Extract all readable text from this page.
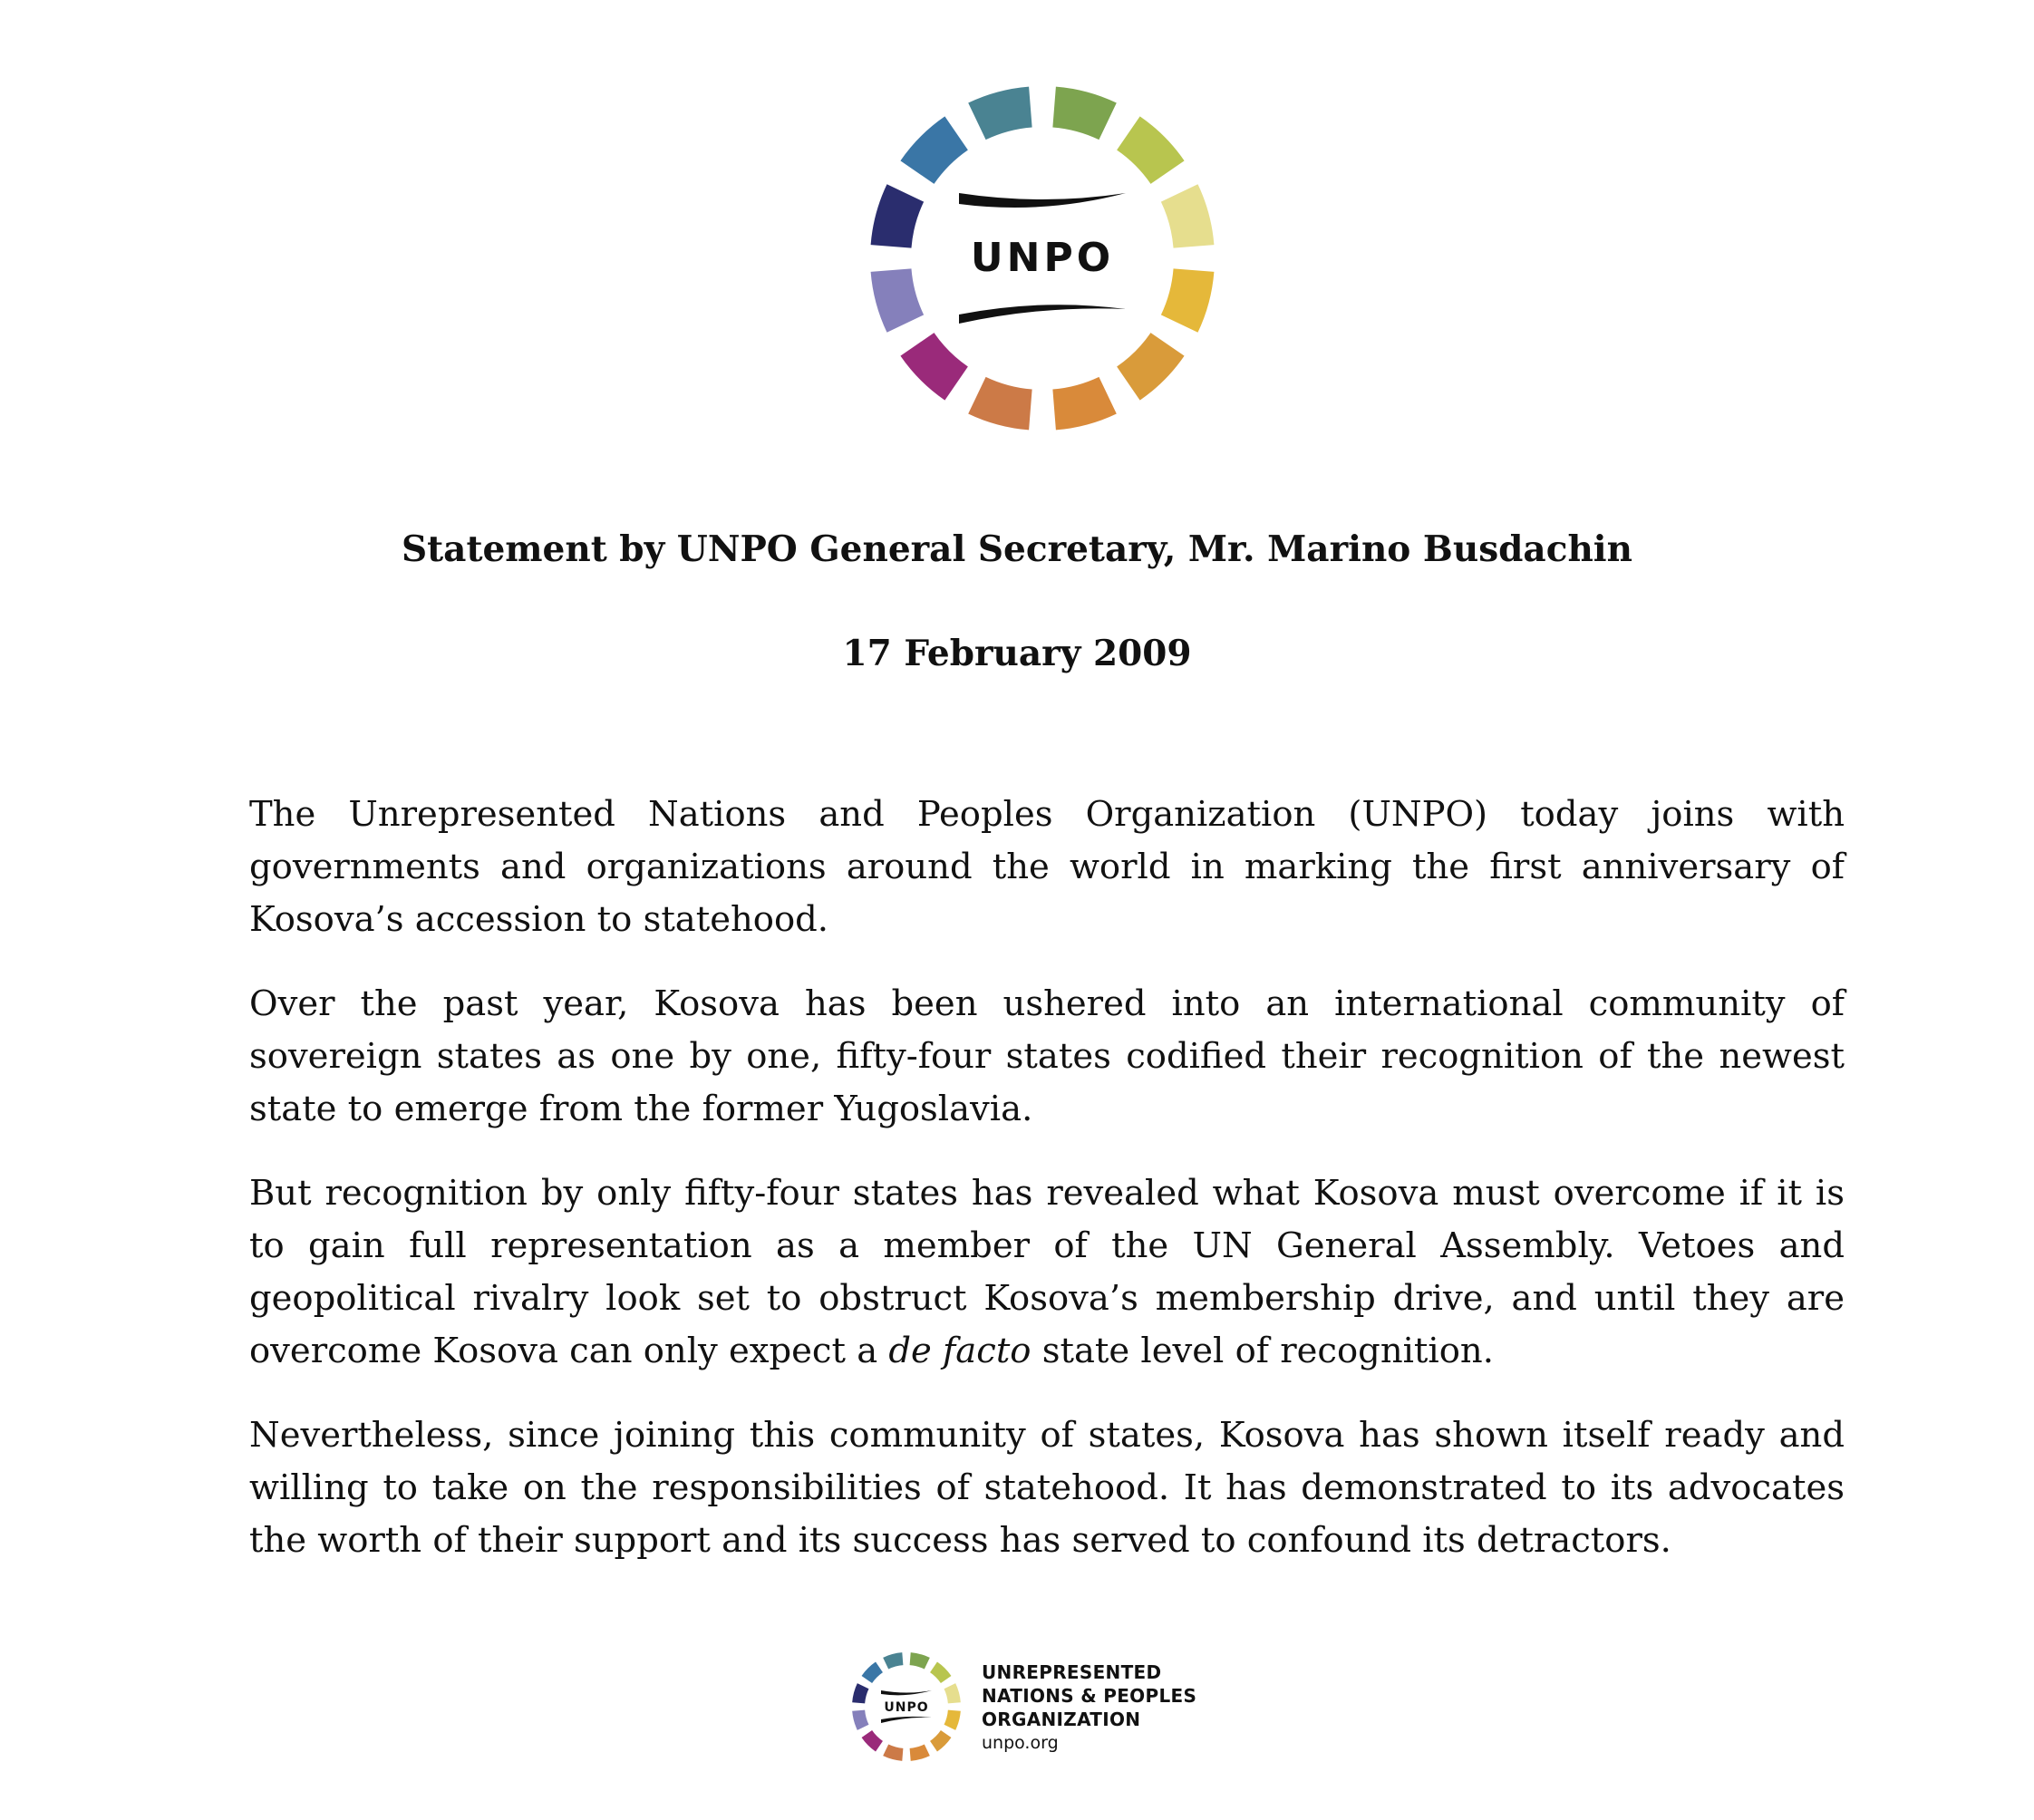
UNPO
Statement by UNPO General Secretary, Mr. Marino Busdachin
17 February 2009

The Unrepresented Nations and Peoples Organization (UNPO) today joins with governments and organizations around the world in marking the first anniversary of Kosova’s accession to statehood.

Over the past year, Kosova has been ushered into an international community of sovereign states as one by one, fifty-four states codified their recognition of the newest state to emerge from the former Yugoslavia.

But recognition by only fifty-four states has revealed what Kosova must overcome if it is to gain full representation as a member of the UN General Assembly. Vetoes and geopolitical rivalry look set to obstruct Kosova’s membership drive, and until they are overcome Kosova can only expect a de facto state level of recognition.

Nevertheless, since joining this community of states, Kosova has shown itself ready and willing to take on the responsibilities of statehood. It has demonstrated to its advocates the worth of their support and its success has served to confound its detractors.

UNPO
UNREPRESENTED
NATIONS & PEOPLES
ORGANIZATION
unpo.org
